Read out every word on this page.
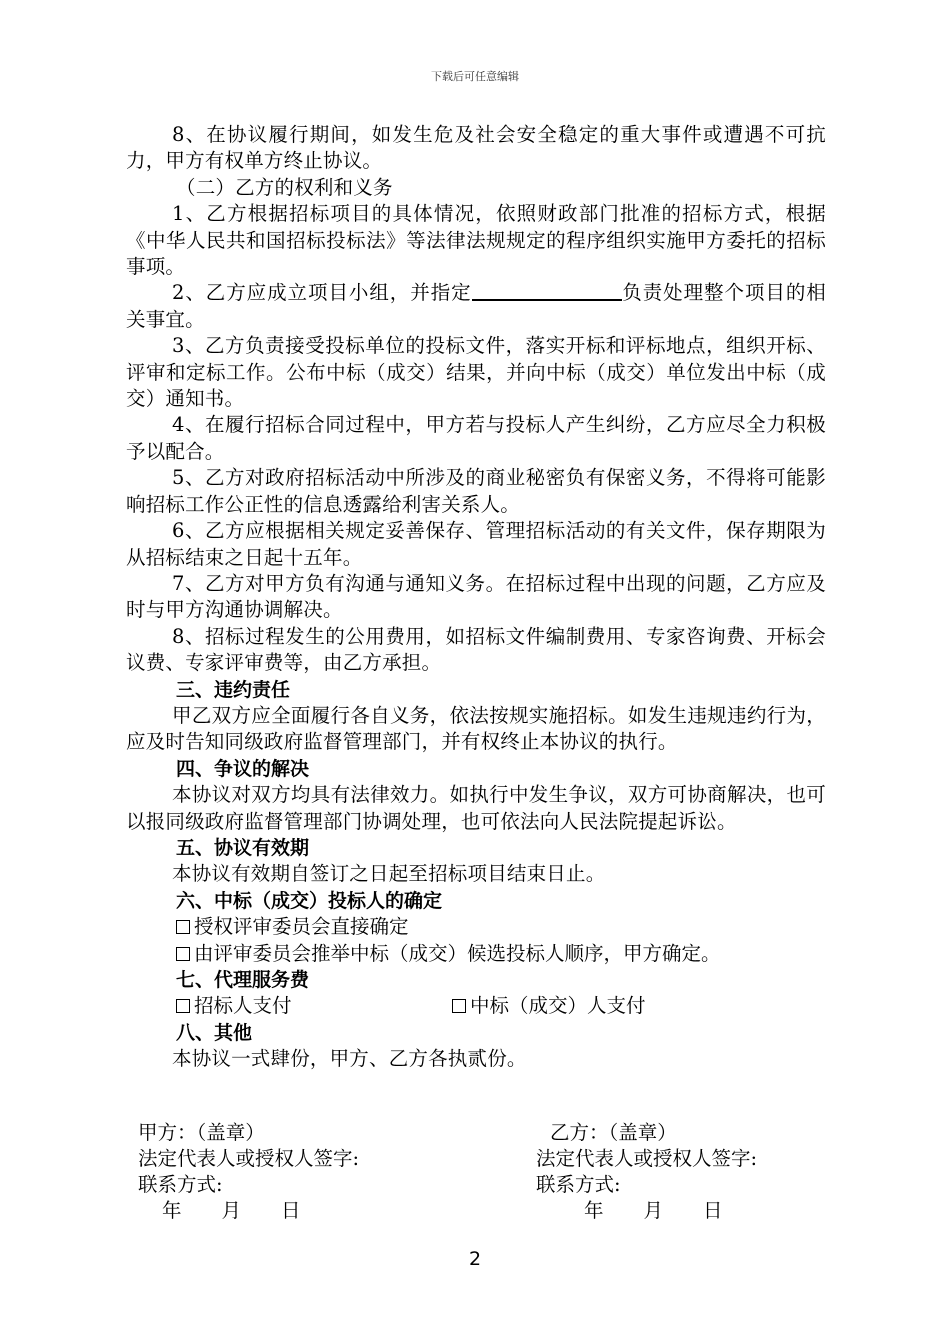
下载后可任意编辑

8、在协议履行期间，如发生危及社会安全稳定的重大事件或遭遇不可抗力，甲方有权单方终止协议。

（二）乙方的权利和义务

1、乙方根据招标项目的具体情况，依照财政部门批准的招标方式，根据《中华人民共和国招标投标法》等法律法规规定的程序组织实施甲方委托的招标事项。

2、乙方应成立项目小组，并指定	负责处理整个项目的相关事宜。

3、乙方负责接受投标单位的投标文件，落实开标和评标地点，组织开标、评审和定标工作。公布中标（成交）结果，并向中标（成交）单位发出中标（成交）通知书。

4、在履行招标合同过程中，甲方若与投标人产生纠纷，乙方应尽全力积极予以配合。

5、乙方对政府招标活动中所涉及的商业秘密负有保密义务，不得将可能影响招标工作公正性的信息透露给利害关系人。

6、乙方应根据相关规定妥善保存、管理招标活动的有关文件，保存期限为从招标结束之日起十五年。

7、乙方对甲方负有沟通与通知义务。在招标过程中出现的问题，乙方应及时与甲方沟通协调解决。

8、招标过程发生的公用费用，如招标文件编制费用、专家咨询费、开标会议费、专家评审费等，由乙方承担。

三、违约责任

甲乙双方应全面履行各自义务，依法按规实施招标。如发生违规违约行为，应及时告知同级政府监督管理部门，并有权终止本协议的执行。

四、争议的解决

本协议对双方均具有法律效力。如执行中发生争议，双方可协商解决，也可以报同级政府监督管理部门协调处理，也可依法向人民法院提起诉讼。

五、协议有效期

本协议有效期自签订之日起至招标项目结束日止。

六、中标（成交）投标人的确定

授权评审委员会直接确定
由评审委员会推举中标（成交）候选投标人顺序，甲方确定。

七、代理服务费

招标人支付	中标（成交）人支付

八、其他

本协议一式肆份，甲方、乙方各执贰份。

甲方：（盖章）
法定代表人或授权人签字:
联系方式:
年 月 日
乙方：（盖章）
法定代表人或授权人签字:
联系方式:
年 月 日
2
